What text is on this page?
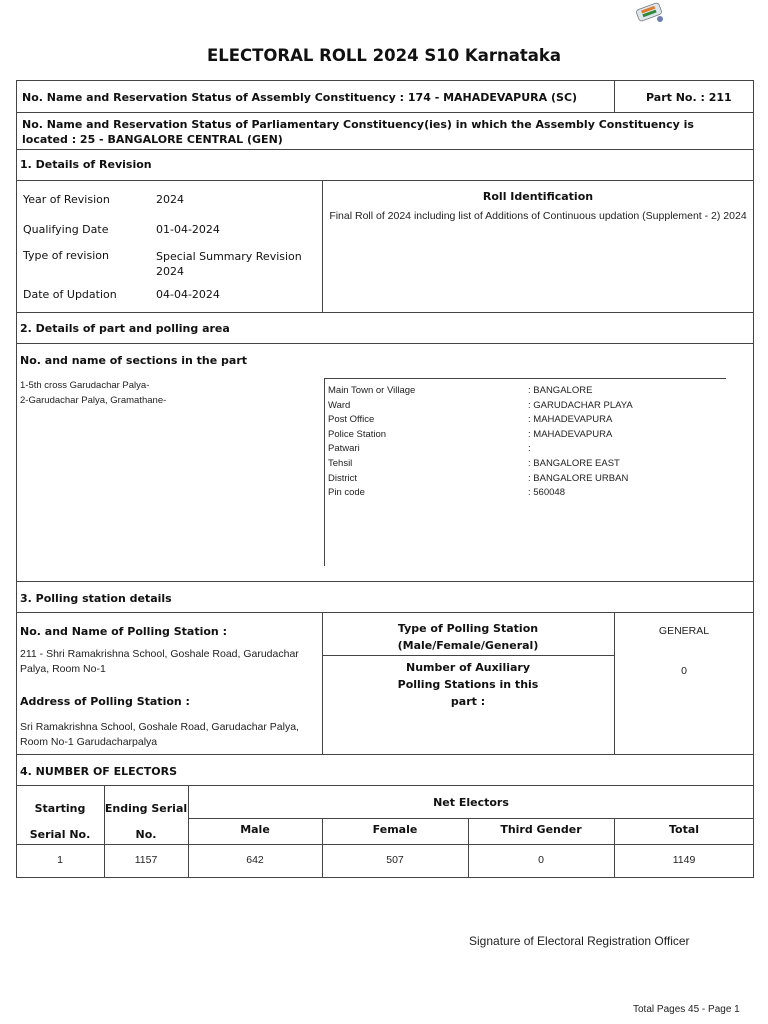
ELECTORAL ROLL 2024 S10 Karnataka
No. Name and Reservation Status of Assembly Constituency : 174 - MAHADEVAPURA (SC)	Part No. : 211
No. Name and Reservation Status of Parliamentary Constituency(ies) in which the Assembly Constituency is located : 25 - BANGALORE CENTRAL (GEN)
1. Details of Revision
Year of Revision	2024
Qualifying Date	01-04-2024
Type of revision	Special Summary Revision 2024
Date of Updation	04-04-2024
Roll Identification
Final Roll of 2024 including list of Additions of Continuous updation (Supplement - 2) 2024
2. Details of part and polling area
No. and name of sections in the part
1-5th cross Garudachar Palya-
2-Garudachar Palya, Gramathane-
Main Town or Village	: BANGALORE
Ward	: GARUDACHAR PLAYA
Post Office	: MAHADEVAPURA
Police Station	: MAHADEVAPURA
Patwari	:
Tehsil	: BANGALORE EAST
District	: BANGALORE URBAN
Pin code	: 560048
3. Polling station details
No. and Name of Polling Station :
211 - Shri Ramakrishna School, Goshale Road, Garudachar Palya, Room No-1
Address of Polling Station :
Sri Ramakrishna School, Goshale Road, Garudachar Palya, Room No-1 Garudacharpalya
Type of Polling Station (Male/Female/General)
GENERAL
Number of Auxiliary Polling Stations in this part :
0
4. NUMBER OF ELECTORS
Starting Serial No.
Ending Serial No.
Net Electors
Male	Female	Third Gender	Total
1	1157	642	507	0	1149
Signature of Electoral Registration Officer
Total Pages 45 - Page 1
